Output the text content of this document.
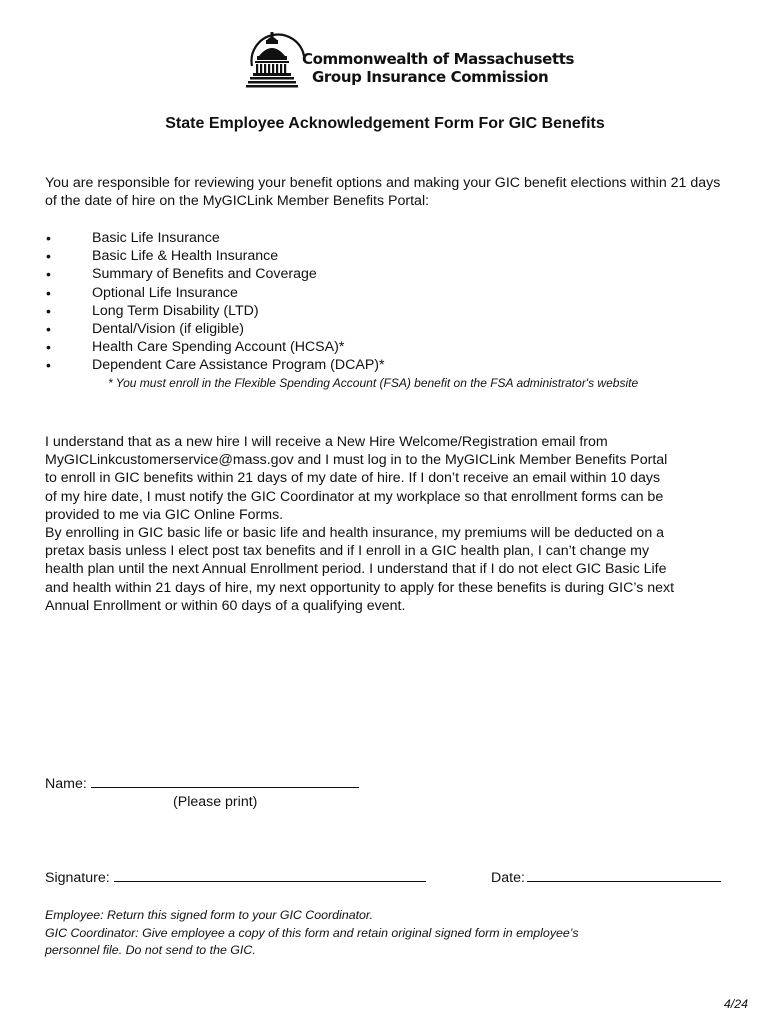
Commonwealth of Massachusetts
Group Insurance Commission
State Employee Acknowledgement Form For GIC Benefits
You are responsible for reviewing your benefit options and making your GIC benefit elections within 21 days of the date of hire on the MyGICLink Member Benefits Portal:
• Basic Life Insurance
• Basic Life & Health Insurance
• Summary of Benefits and Coverage
• Optional Life Insurance
• Long Term Disability (LTD)
• Dental/Vision (if eligible)
• Health Care Spending Account (HCSA)*
• Dependent Care Assistance Program (DCAP)*
* You must enroll in the Flexible Spending Account (FSA) benefit on the FSA administrator's website
I understand that as a new hire I will receive a New Hire Welcome/Registration email from
MyGICLinkcustomerservice@mass.gov and I must log in to the MyGICLink Member Benefits Portal
to enroll in GIC benefits within 21 days of my date of hire. If I don’t receive an email within 10 days
of my hire date, I must notify the GIC Coordinator at my workplace so that enrollment forms can be
provided to me via GIC Online Forms.
By enrolling in GIC basic life or basic life and health insurance, my premiums will be deducted on a
pretax basis unless I elect post tax benefits and if I enroll in a GIC health plan, I can’t change my
health plan until the next Annual Enrollment period. I understand that if I do not elect GIC Basic Life
and health within 21 days of hire, my next opportunity to apply for these benefits is during GIC’s next
Annual Enrollment or within 60 days of a qualifying event.
Name:
(Please print)
Signature:	Date:
Employee: Return this signed form to your GIC Coordinator.
GIC Coordinator: Give employee a copy of this form and retain original signed form in employee’s
personnel file. Do not send to the GIC.
4/24
